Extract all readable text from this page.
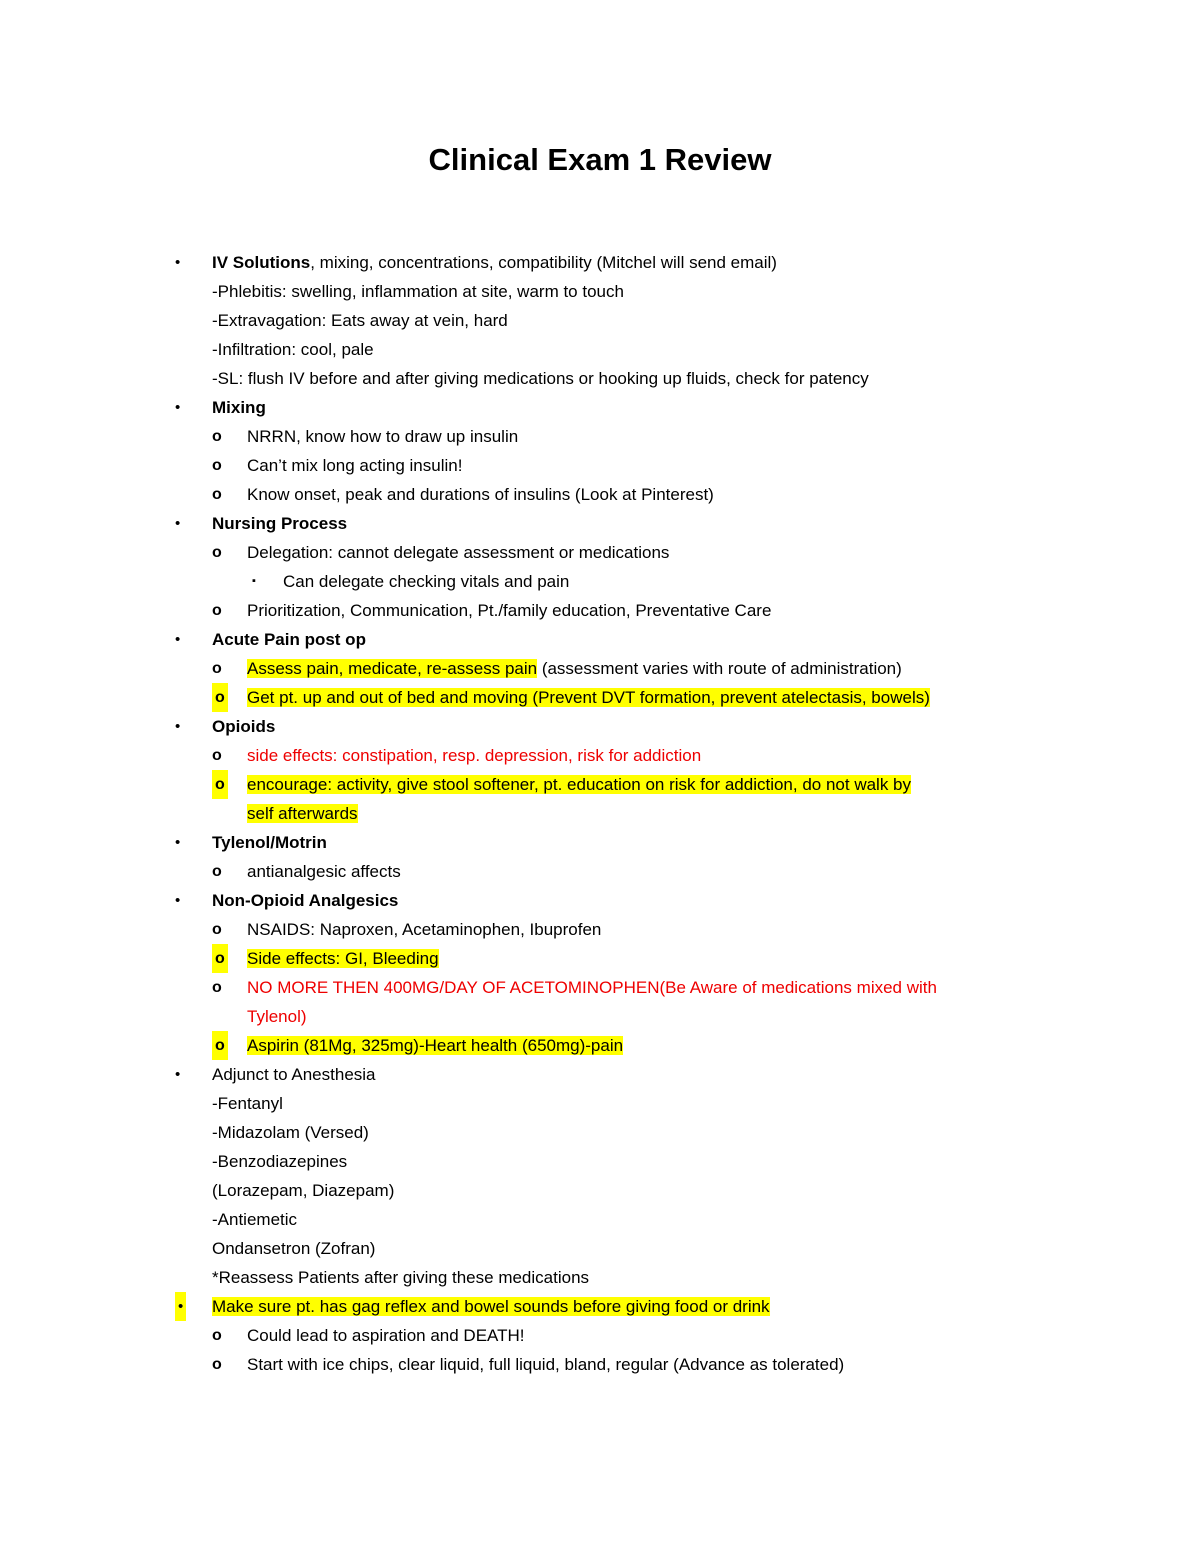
Clinical Exam 1 Review
• IV Solutions, mixing, concentrations, compatibility (Mitchel will send email)
-Phlebitis: swelling, inflammation at site, warm to touch
-Extravagation: Eats away at vein, hard
-Infiltration: cool, pale
-SL: flush IV before and after giving medications or hooking up fluids, check for patency
• Mixing
o NRRN, know how to draw up insulin
o Can’t mix long acting insulin!
o Know onset, peak and durations of insulins (Look at Pinterest)
• Nursing Process
o Delegation: cannot delegate assessment or medications
▪ Can delegate checking vitals and pain
o Prioritization, Communication, Pt./family education, Preventative Care
• Acute Pain post op
o Assess pain, medicate, re-assess pain (assessment varies with route of administration)
o Get pt. up and out of bed and moving (Prevent DVT formation, prevent atelectasis, bowels)
• Opioids
o side effects: constipation, resp. depression, risk for addiction
o encourage: activity, give stool softener, pt. education on risk for addiction, do not walk by
self afterwards
• Tylenol/Motrin
o antianalgesic affects
• Non-Opioid Analgesics
o NSAIDS: Naproxen, Acetaminophen, Ibuprofen
o Side effects: GI, Bleeding
o NO MORE THEN 400MG/DAY OF ACETOMINOPHEN(Be Aware of medications mixed with
Tylenol)
o Aspirin (81Mg, 325mg)-Heart health (650mg)-pain
• Adjunct to Anesthesia
-Fentanyl
-Midazolam (Versed)
-Benzodiazepines
(Lorazepam, Diazepam)
-Antiemetic
Ondansetron (Zofran)
*Reassess Patients after giving these medications
• Make sure pt. has gag reflex and bowel sounds before giving food or drink
o Could lead to aspiration and DEATH!
o Start with ice chips, clear liquid, full liquid, bland, regular (Advance as tolerated)
